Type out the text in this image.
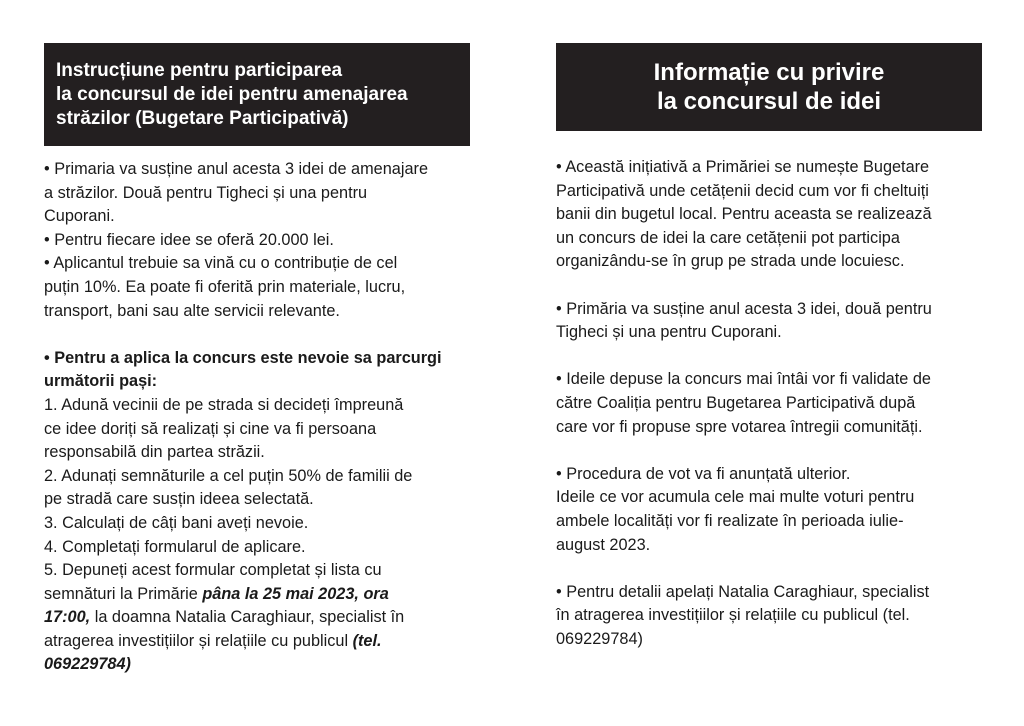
Instrucțiune pentru participarea
la concursul de idei pentru amenajarea
străzilor (Bugetare Participativă)
• Primaria va susține anul acesta 3 idei de amenajare
a străzilor. Două pentru Tigheci și una pentru
Cuporani.
• Pentru fiecare idee se oferă 20.000 lei.
• Aplicantul trebuie sa vină cu o contribuție de cel
puțin 10%. Ea poate fi oferită prin materiale, lucru,
transport, bani sau alte servicii relevante.
• Pentru a aplica la concurs este nevoie sa parcurgi
următorii pași:
1. Adună vecinii de pe strada si decideți împreună
ce idee doriți să realizați și cine va fi persoana
responsabilă din partea străzii.
2. Adunați semnăturile a cel puțin 50% de familii de
pe stradă care susțin ideea selectată.
3. Calculați de câți bani aveți nevoie.
4. Completați formularul de aplicare.
5. Depuneți acest formular completat și lista cu
semnături la Primărie pâna la 25 mai 2023, ora
17:00, la doamna Natalia Caraghiaur, specialist în
atragerea investițiilor și relațiile cu publicul (tel.
069229784)
Informație cu privire
la concursul de idei
• Această inițiativă a Primăriei se numește Bugetare
Participativă unde cetățenii decid cum vor fi cheltuiți
banii din bugetul local. Pentru aceasta se realizează
un concurs de idei la care cetățenii pot participa
organizându-se în grup pe strada unde locuiesc.
• Primăria va susține anul acesta 3 idei, două pentru
Tigheci și una pentru Cuporani.
• Ideile depuse la concurs mai întâi vor fi validate de
către Coaliția pentru Bugetarea Participativă după
care vor fi propuse spre votarea întregii comunități.
• Procedura de vot va fi anunțată ulterior.
Ideile ce vor acumula cele mai multe voturi pentru
ambele localități vor fi realizate în perioada iulie-
august 2023.
• Pentru detalii apelați Natalia Caraghiaur, specialist
în atragerea investițiilor și relațiile cu publicul (tel.
069229784)
